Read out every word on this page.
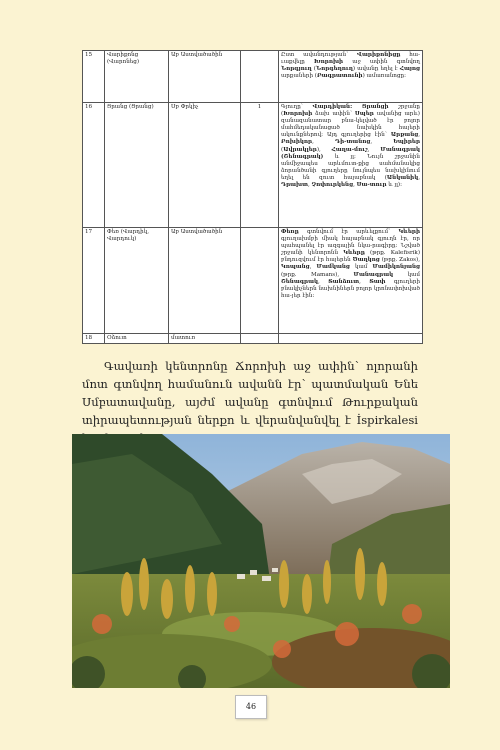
15	Վարիքոնց (Վարոնեց)	Աբ Աստվածածին		Ըստ ավանդության՝ Վարիքոնիցը հա-ւաքվելը Խորոխի աջ ափին գտնվող Նորգյուղ (Նորգեղուղ) ավանը եղել է Հայոց արքաների (Բագրատունի) ամառանոցը:
16	Ցրանց (Ցրանց)	Սբ Փրկիչ	1	Գյուղը՝ Վարդիկան: Ցրանցի շրջանը (Խորոխի ձախ ափին՝ Սպեր ավանից արև) զանազանատար բնա-կելված էր բոլոր մահմեդականացած նախկին հայերի ակունքներով: Այդ գյուղերից էին՝ Արքանց, Բոխիկոր, Դի-տանոց, Եպիրեր (Ավրակլեր), Հաղա-մուշ, Մանագրակ (Շենագրակ) և յլ: Նույն շրջանին անմիջապես արևմուտ-քից սահմանակից ձորանծանի գյուղերը նույնպես նախկինում եղել են զուտ հայաբնակ (Անկանիկ, Դրախտ, Չոփուրկենց, Սա-տուր և յլ):
17	Փեռ (Վարդիկ, Վարդուկ)	Աբ Աստվածածին		Փեռը գտնվում էր արևելքում՝ Կևերի գյուղախմբի միակ հայաբնակ գյուղն էր, որ պահպանել էր ազգային նկա-րագիրը: Նշված շրջանի կենտրոնն Կևերը (թրք. Kalefisrik) բնդուզվում էր հայերեն Ծաղկոց (թրք. Zakos), Կոպանց, Մամկանց կամ Մամիկոնյանց (թրք. Mamans), Մանագրակ կամ Շենագրակ, Տանձուտ, Տափ գյուղերի բնակիչներն նախնիներն բոլոր կրոնափոխված հա-յեր էին:
18	Օձուտ	մատուռ		

Գավառի կենտրոնը Ճորոխի աջ ափին՝ ոլորանի մոտ գտնվող համանուն ավանն էր՝ պատմական Ենե Սմբատավանը, այժմ ավանը գտնվում Թուրքական տիրապետության ներքո և վերանվանվել է İspirkalesi

46
